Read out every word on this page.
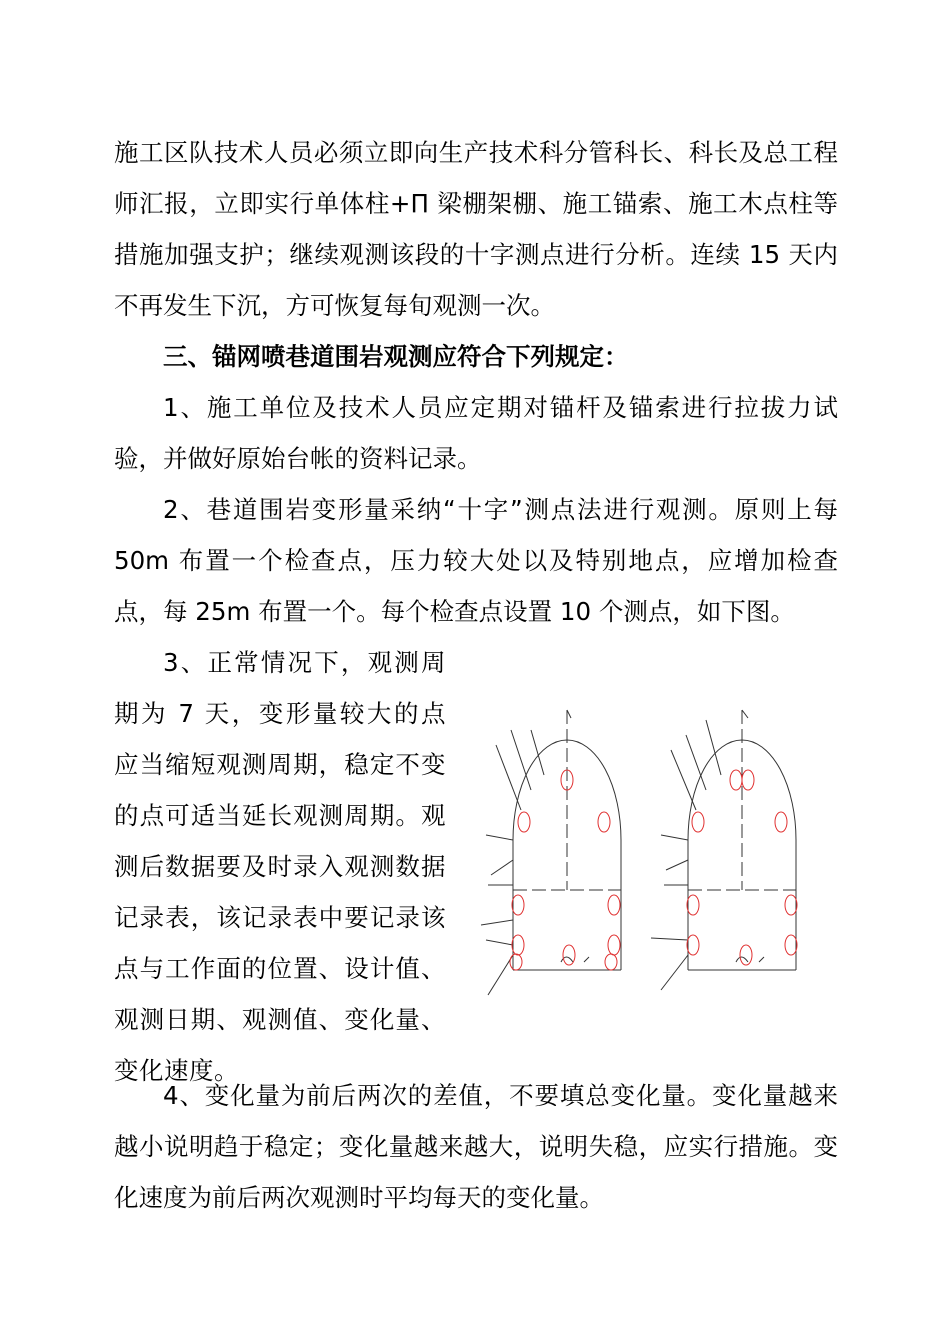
施工区队技术人员必须立即向生产技术科分管科长、科长及总工程师汇报，立即实行单体柱+Π 梁棚架棚、施工锚索、施工木点柱等措施加强支护；继续观测该段的十字测点进行分析。连续 15 天内不再发生下沉，方可恢复每旬观测一次。

三、锚网喷巷道围岩观测应符合下列规定：

1、施工单位及技术人员应定期对锚杆及锚索进行拉拔力试验，并做好原始台帐的资料记录。

2、巷道围岩变形量采纳“十字”测点法进行观测。原则上每 50m 布置一个检查点，压力较大处以及特别地点，应增加检查点，每 25m 布置一个。每个检查点设置 10 个测点，如下图。

3、正常情况下，观测周期为 7 天，变形量较大的点应当缩短观测周期，稳定不变的点可适当延长观测周期。观测后数据要及时录入观测数据记录表，该记录表中要记录该点与工作面的位置、设计值、观测日期、观测值、变化量、变化速度。

4、变化量为前后两次的差值，不要填总变化量。变化量越来越小说明趋于稳定；变化量越来越大，说明失稳，应实行措施。变化速度为前后两次观测时平均每天的变化量。
